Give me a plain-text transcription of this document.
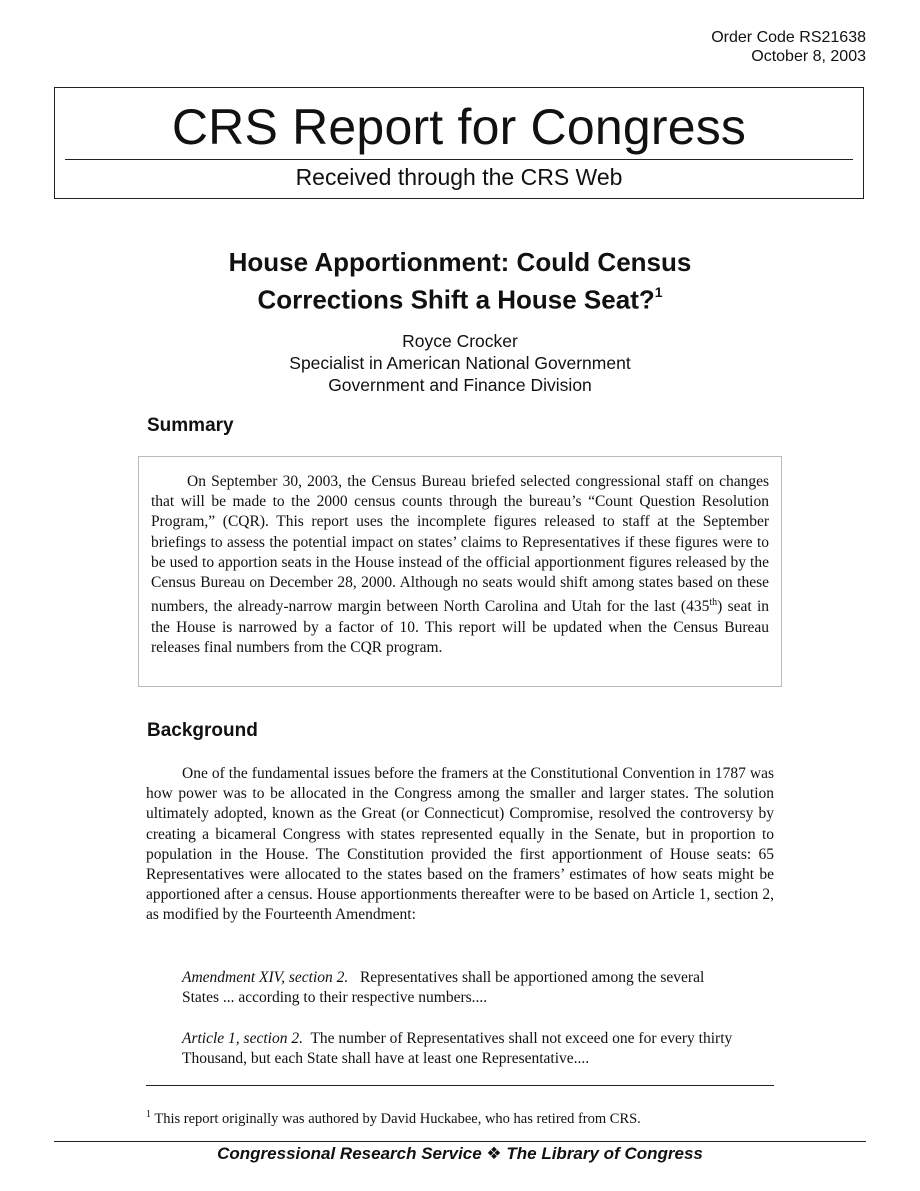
Order Code RS21638
October 8, 2003
CRS Report for Congress
Received through the CRS Web
House Apportionment: Could Census
Corrections Shift a House Seat?$^1$
Royce Crocker
Specialist in American National Government
Government and Finance Division
Summary

On September 30, 2003, the Census Bureau briefed selected congressional staff on changes that will be made to the 2000 census counts through the bureau’s “Count Question Resolution Program,” (CQR). This report uses the incomplete figures released to staff at the September briefings to assess the potential impact on states’ claims to Representatives if these figures were to be used to apportion seats in the House instead of the official apportionment figures released by the Census Bureau on December 28, 2000. Although no seats would shift among states based on these numbers, the already-narrow margin between North Carolina and Utah for the last (435th) seat in the House is narrowed by a factor of 10. This report will be updated when the Census Bureau releases final numbers from the CQR program.

Background

One of the fundamental issues before the framers at the Constitutional Convention in 1787 was how power was to be allocated in the Congress among the smaller and larger states. The solution ultimately adopted, known as the Great (or Connecticut) Compromise, resolved the controversy by creating a bicameral Congress with states represented equally in the Senate, but in proportion to population in the House. The Constitution provided the first apportionment of House seats: 65 Representatives were allocated to the states based on the framers’ estimates of how seats might be apportioned after a census. House apportionments thereafter were to be based on Article 1, section 2, as modified by the Fourteenth Amendment:

Amendment XIV, section 2. Representatives shall be apportioned among the several States ... according to their respective numbers....

Article 1, section 2. The number of Representatives shall not exceed one for every thirty Thousand, but each State shall have at least one Representative....

$^1$ This report originally was authored by David Huckabee, who has retired from CRS.
Congressional Research Service ❖ The Library of Congress
